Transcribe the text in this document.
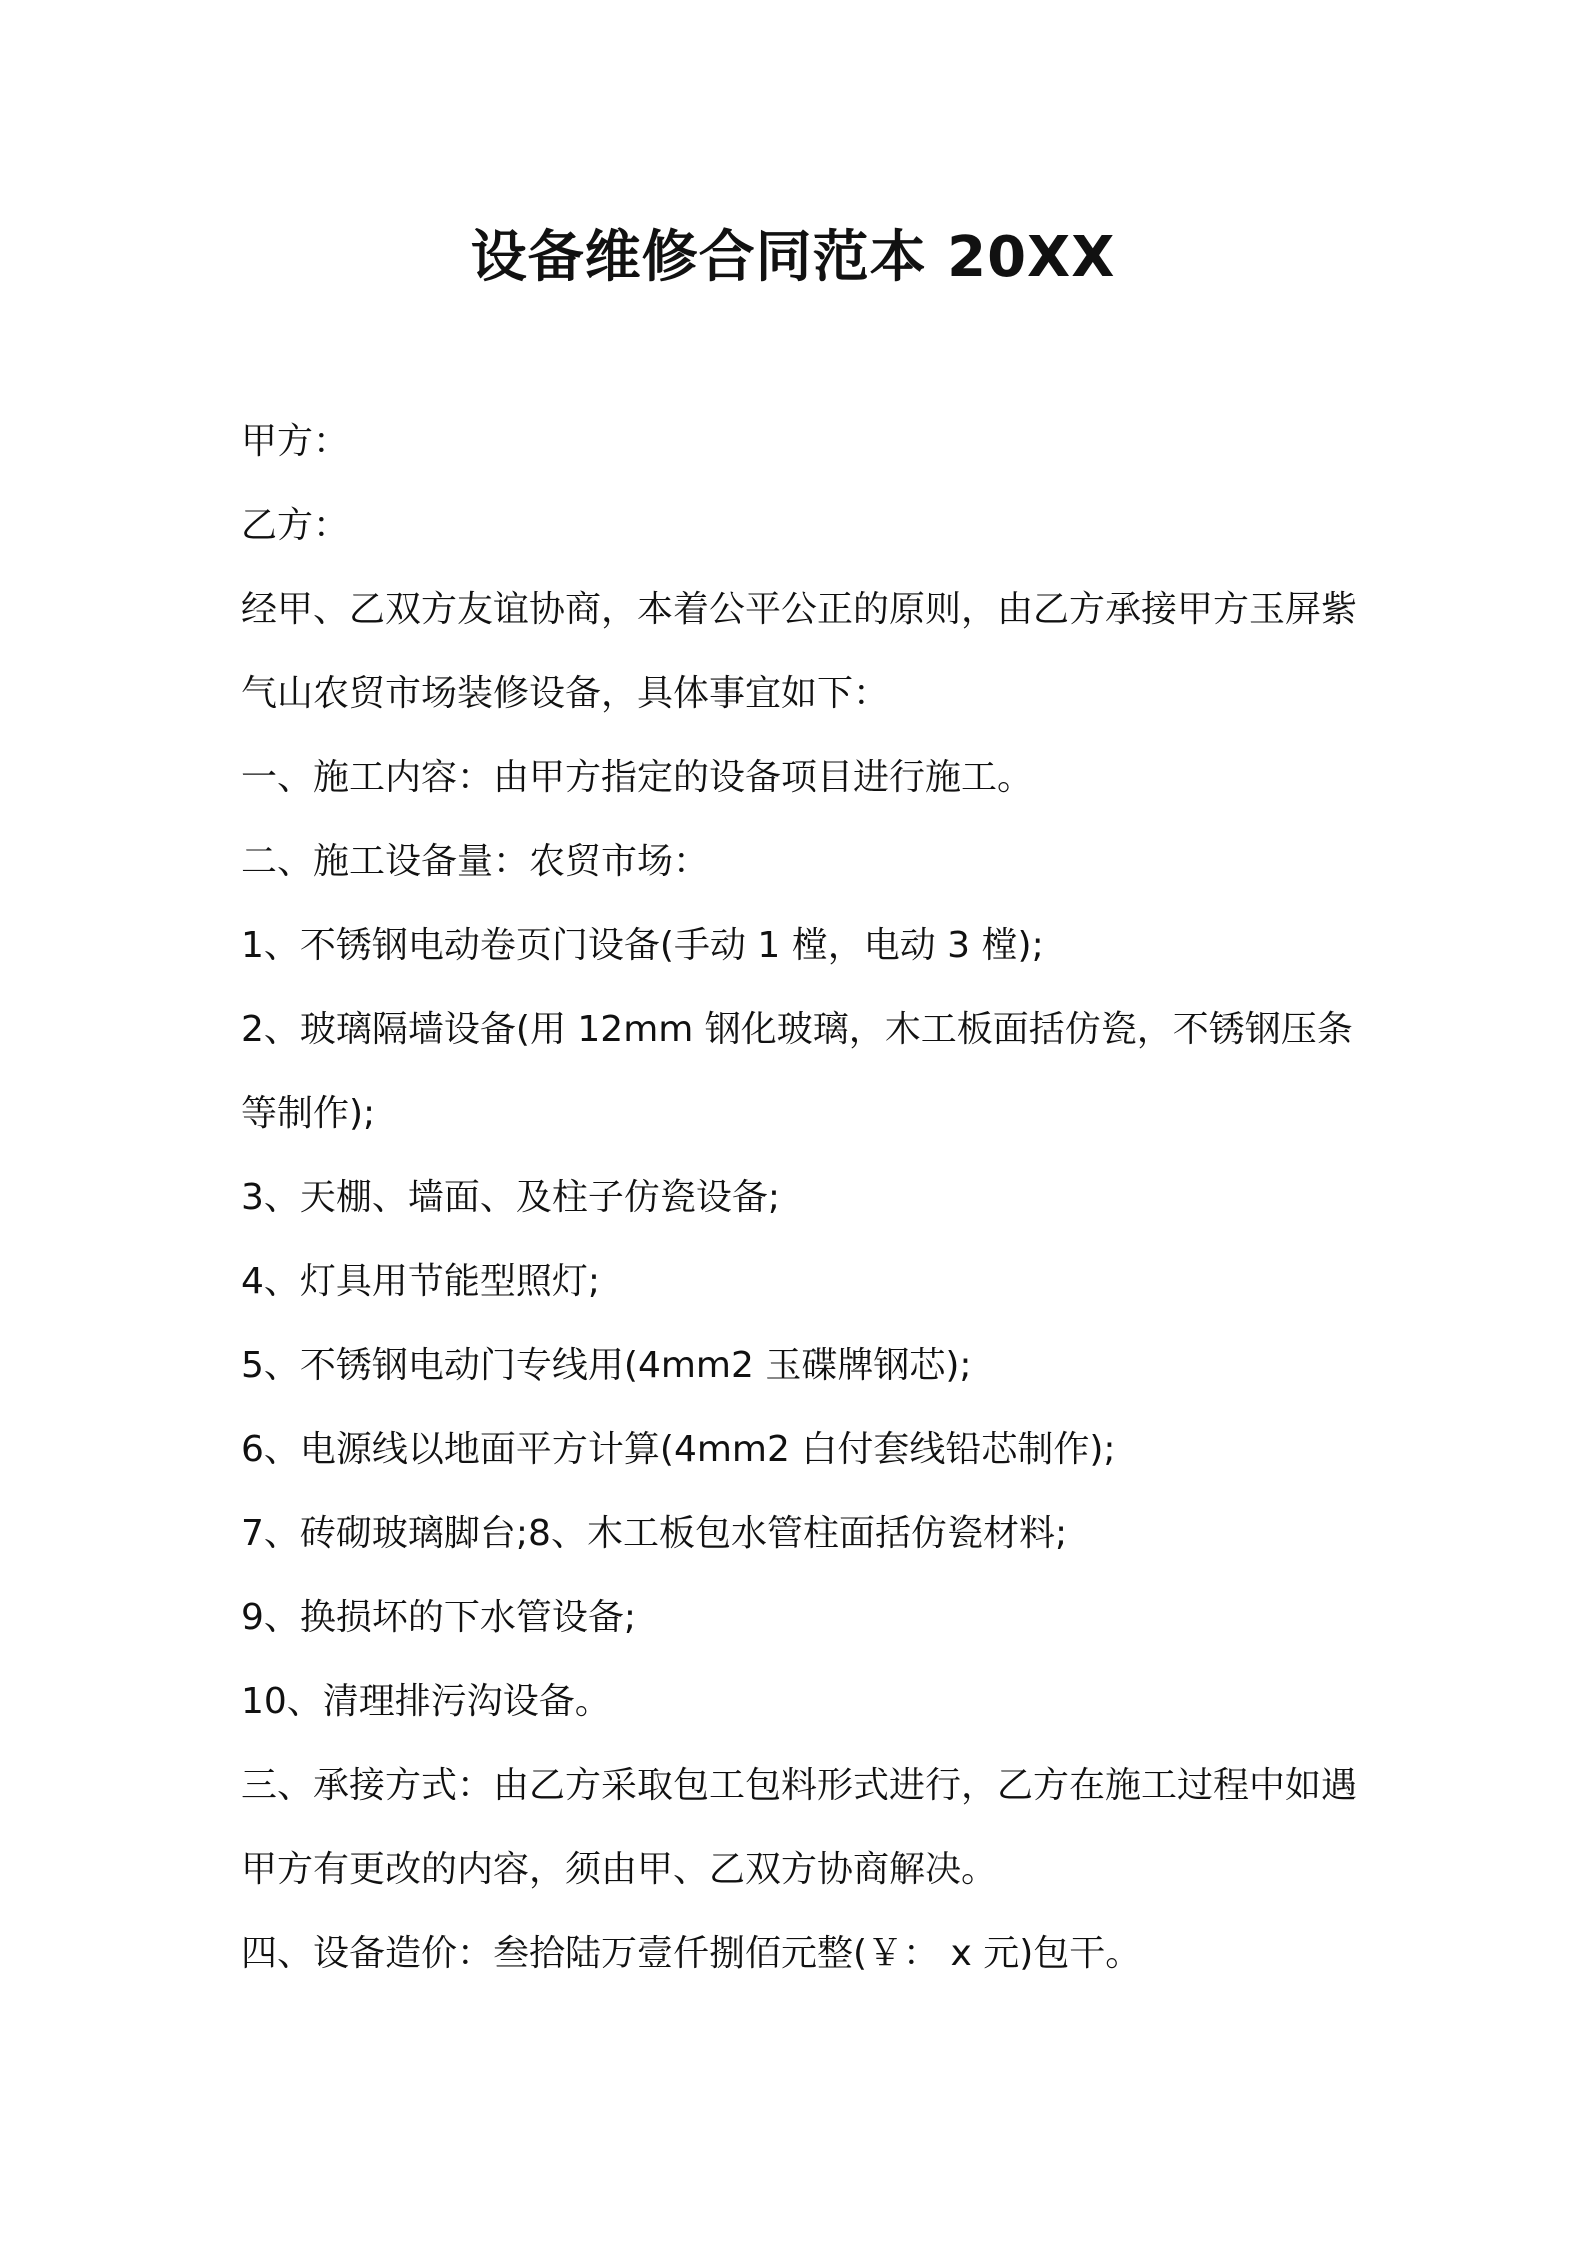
设备维修合同范本 20XX

甲方：

乙方：

经甲、乙双方友谊协商，本着公平公正的原则，由乙方承接甲方玉屏紫气山农贸市场装修设备，具体事宜如下：

一、施工内容：由甲方指定的设备项目进行施工。

二、施工设备量：农贸市场：

1、不锈钢电动卷页门设备(手动 1 樘，电动 3 樘);

2、玻璃隔墙设备(用 12mm 钢化玻璃，木工板面括仿瓷，不锈钢压条等制作);

3、天棚、墙面、及柱子仿瓷设备;

4、灯具用节能型照灯;

5、不锈钢电动门专线用(4mm2 玉碟牌钢芯);

6、电源线以地面平方计算(4mm2 白付套线铅芯制作);

7、砖砌玻璃脚台;8、木工板包水管柱面括仿瓷材料;

9、换损坏的下水管设备;

10、清理排污沟设备。

三、承接方式：由乙方采取包工包料形式进行，乙方在施工过程中如遇甲方有更改的内容，须由甲、乙双方协商解决。

四、设备造价：叁拾陆万壹仟捌佰元整(￥： x 元)包干。
